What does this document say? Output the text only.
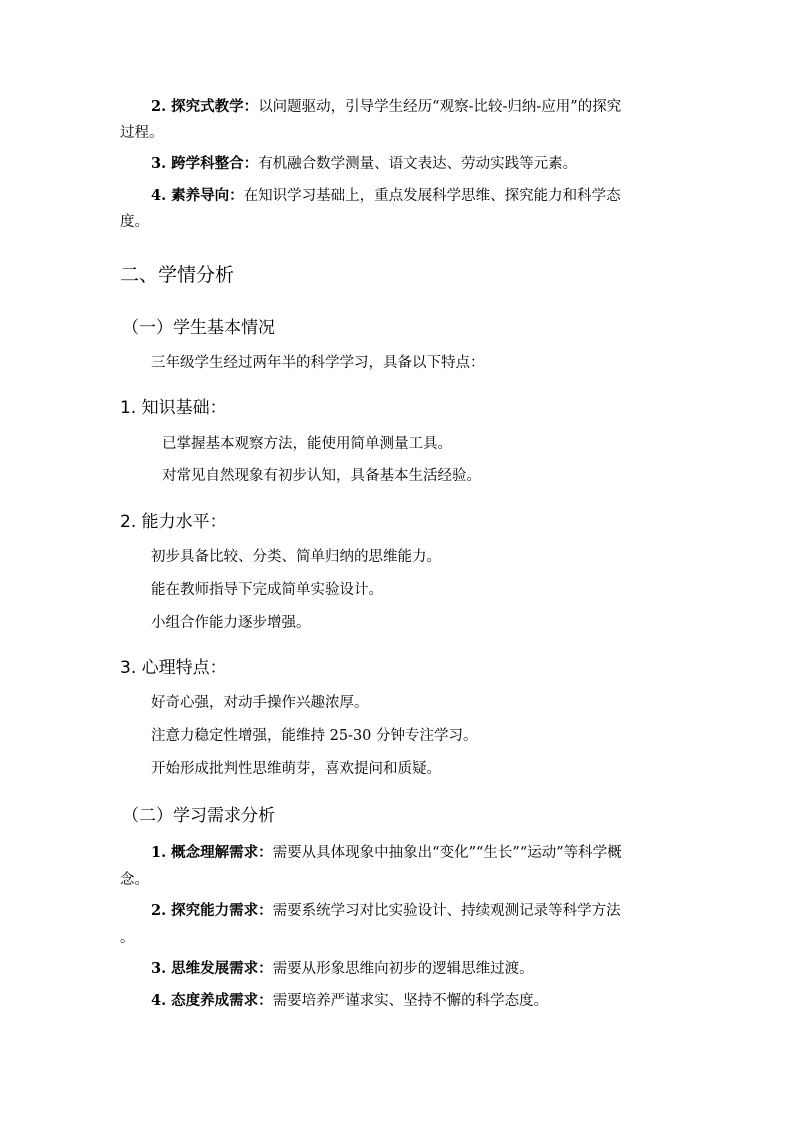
2. 探究式教学：以问题驱动，引导学生经历“观察-比较-归纳-应用”的探究
过程。
3. 跨学科整合：有机融合数学测量、语文表达、劳动实践等元素。
4. 素养导向：在知识学习基础上，重点发展科学思维、探究能力和科学态
度。
二、学情分析
（一）学生基本情况
三年级学生经过两年半的科学学习，具备以下特点：
1. 知识基础：
已掌握基本观察方法，能使用简单测量工具。
对常见自然现象有初步认知，具备基本生活经验。
2. 能力水平：
初步具备比较、分类、简单归纳的思维能力。
能在教师指导下完成简单实验设计。
小组合作能力逐步增强。
3. 心理特点：
好奇心强，对动手操作兴趣浓厚。
注意力稳定性增强，能维持 25-30 分钟专注学习。
开始形成批判性思维萌芽，喜欢提问和质疑。
（二）学习需求分析
1. 概念理解需求：需要从具体现象中抽象出“变化”“生长”“运动”等科学概
念。
2. 探究能力需求：需要系统学习对比实验设计、持续观测记录等科学方法
。
3. 思维发展需求：需要从形象思维向初步的逻辑思维过渡。
4. 态度养成需求：需要培养严谨求实、坚持不懈的科学态度。
